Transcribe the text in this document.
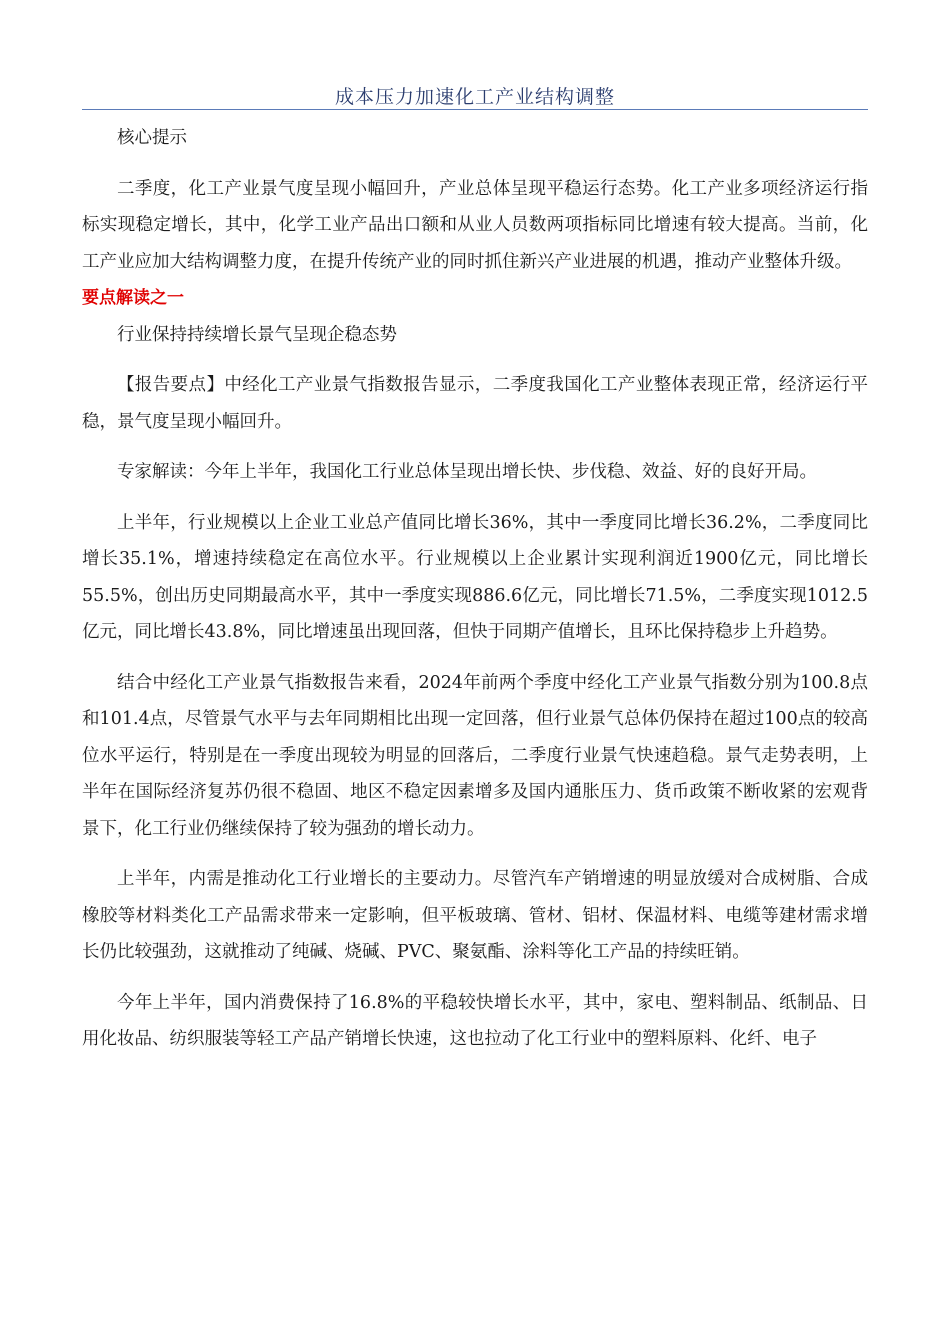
成本压力加速化工产业结构调整

核心提示

二季度，化工产业景气度呈现小幅回升，产业总体呈现平稳运行态势。化工产业多项经济运行指标实现稳定增长，其中，化学工业产品出口额和从业人员数两项指标同比增速有较大提高。当前，化工产业应加大结构调整力度，在提升传统产业的同时抓住新兴产业进展的机遇，推动产业整体升级。

要点解读之一

行业保持持续增长景气呈现企稳态势

【报告要点】中经化工产业景气指数报告显示，二季度我国化工产业整体表现正常，经济运行平稳，景气度呈现小幅回升。

专家解读：今年上半年，我国化工行业总体呈现出增长快、步伐稳、效益、好的良好开局。

上半年，行业规模以上企业工业总产值同比增长36%，其中一季度同比增长36.2%，二季度同比增长35.1%，增速持续稳定在高位水平。行业规模以上企业累计实现利润近1900亿元，同比增长55.5%，创出历史同期最高水平，其中一季度实现886.6亿元，同比增长71.5%，二季度实现1012.5亿元，同比增长43.8%，同比增速虽出现回落，但快于同期产值增长，且环比保持稳步上升趋势。

结合中经化工产业景气指数报告来看，2024年前两个季度中经化工产业景气指数分别为100.8点和101.4点，尽管景气水平与去年同期相比出现一定回落，但行业景气总体仍保持在超过100点的较高位水平运行，特别是在一季度出现较为明显的回落后，二季度行业景气快速趋稳。景气走势表明，上半年在国际经济复苏仍很不稳固、地区不稳定因素增多及国内通胀压力、货币政策不断收紧的宏观背景下，化工行业仍继续保持了较为强劲的增长动力。

上半年，内需是推动化工行业增长的主要动力。尽管汽车产销增速的明显放缓对合成树脂、合成橡胶等材料类化工产品需求带来一定影响，但平板玻璃、管材、铝材、保温材料、电缆等建材需求增长仍比较强劲，这就推动了纯碱、烧碱、PVC、聚氨酯、涂料等化工产品的持续旺销。

今年上半年，国内消费保持了16.8%的平稳较快增长水平，其中，家电、塑料制品、纸制品、日用化妆品、纺织服装等轻工产品产销增长快速，这也拉动了化工行业中的塑料原料、化纤、电子
